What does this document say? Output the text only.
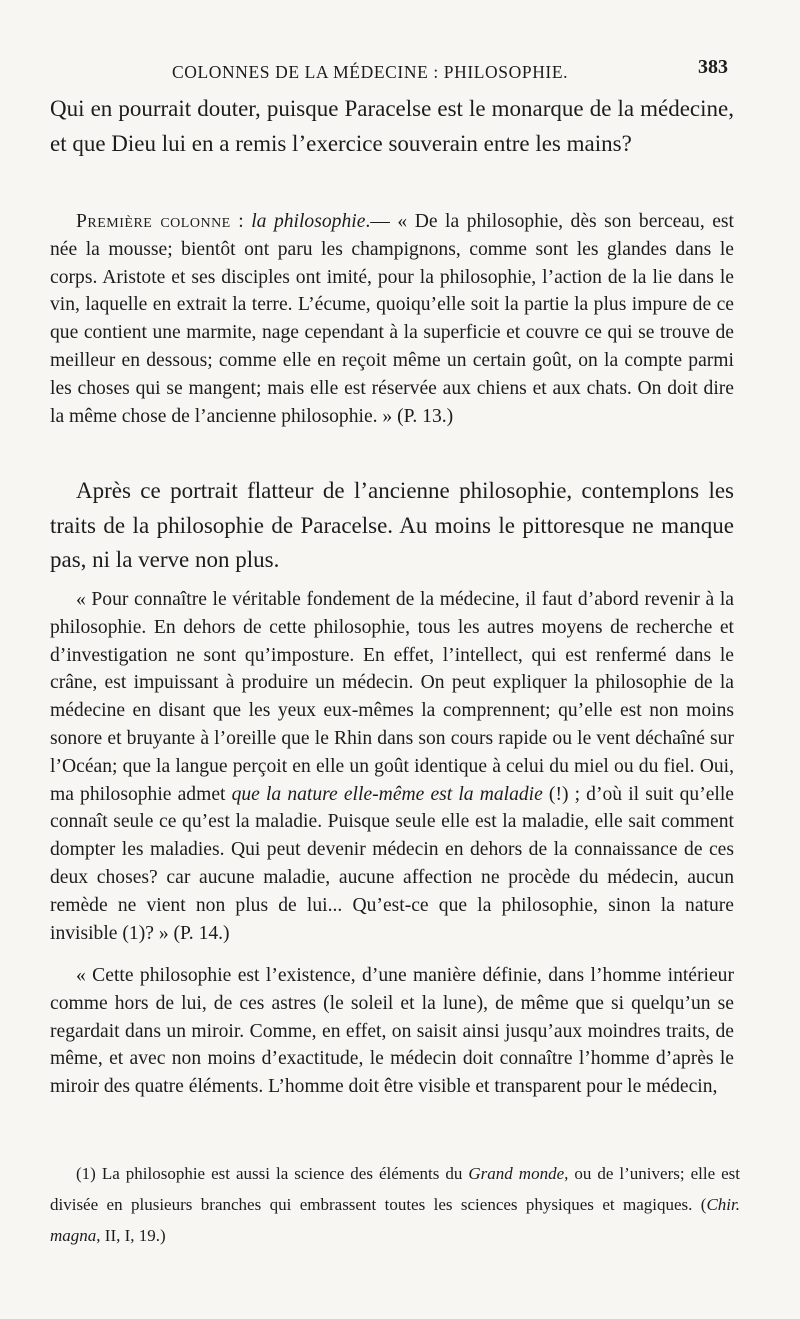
COLONNES DE LA MÉDECINE : PHILOSOPHIE.	383

Qui en pourrait douter, puisque Paracelse est le monarque de la médecine, et que Dieu lui en a remis l’exercice souverain entre les mains?

Première colonne : la philosophie.— « De la philosophie, dès son berceau, est née la mousse; bientôt ont paru les champignons, comme sont les glandes dans le corps. Aristote et ses disciples ont imité, pour la philosophie, l’action de la lie dans le vin, laquelle en extrait la terre. L’écume, quoiqu’elle soit la partie la plus impure de ce que contient une marmite, nage cependant à la superficie et couvre ce qui se trouve de meilleur en dessous; comme elle en reçoit même un certain goût, on la compte parmi les choses qui se mangent; mais elle est réservée aux chiens et aux chats. On doit dire la même chose de l’ancienne philosophie. » (P. 13.)

Après ce portrait flatteur de l’ancienne philosophie, contemplons les traits de la philosophie de Paracelse. Au moins le pittoresque ne manque pas, ni la verve non plus.

« Pour connaître le véritable fondement de la médecine, il faut d’abord revenir à la philosophie. En dehors de cette philosophie, tous les autres moyens de recherche et d’investigation ne sont qu’imposture. En effet, l’intellect, qui est renfermé dans le crâne, est impuissant à produire un médecin. On peut expliquer la philosophie de la médecine en disant que les yeux eux-mêmes la comprennent; qu’elle est non moins sonore et bruyante à l’oreille que le Rhin dans son cours rapide ou le vent déchaîné sur l’Océan; que la langue perçoit en elle un goût identique à celui du miel ou du fiel. Oui, ma philosophie admet que la nature elle-même est la maladie (!) ; d’où il suit qu’elle connaît seule ce qu’est la maladie. Puisque seule elle est la maladie, elle sait comment dompter les maladies. Qui peut devenir médecin en dehors de la connaissance de ces deux choses? car aucune maladie, aucune affection ne procède du médecin, aucun remède ne vient non plus de lui... Qu’est-ce que la philosophie, sinon la nature invisible (1)? » (P. 14.)

« Cette philosophie est l’existence, d’une manière définie, dans l’homme intérieur comme hors de lui, de ces astres (le soleil et la lune), de même que si quelqu’un se regardait dans un miroir. Comme, en effet, on saisit ainsi jusqu’aux moindres traits, de même, et avec non moins d’exactitude, le médecin doit connaître l’homme d’après le miroir des quatre éléments. L’homme doit être visible et transparent pour le médecin,

(1) La philosophie est aussi la science des éléments du Grand monde, ou de l’univers; elle est divisée en plusieurs branches qui embrassent toutes les sciences physiques et magiques. (Chir. magna, II, I, 19.)
